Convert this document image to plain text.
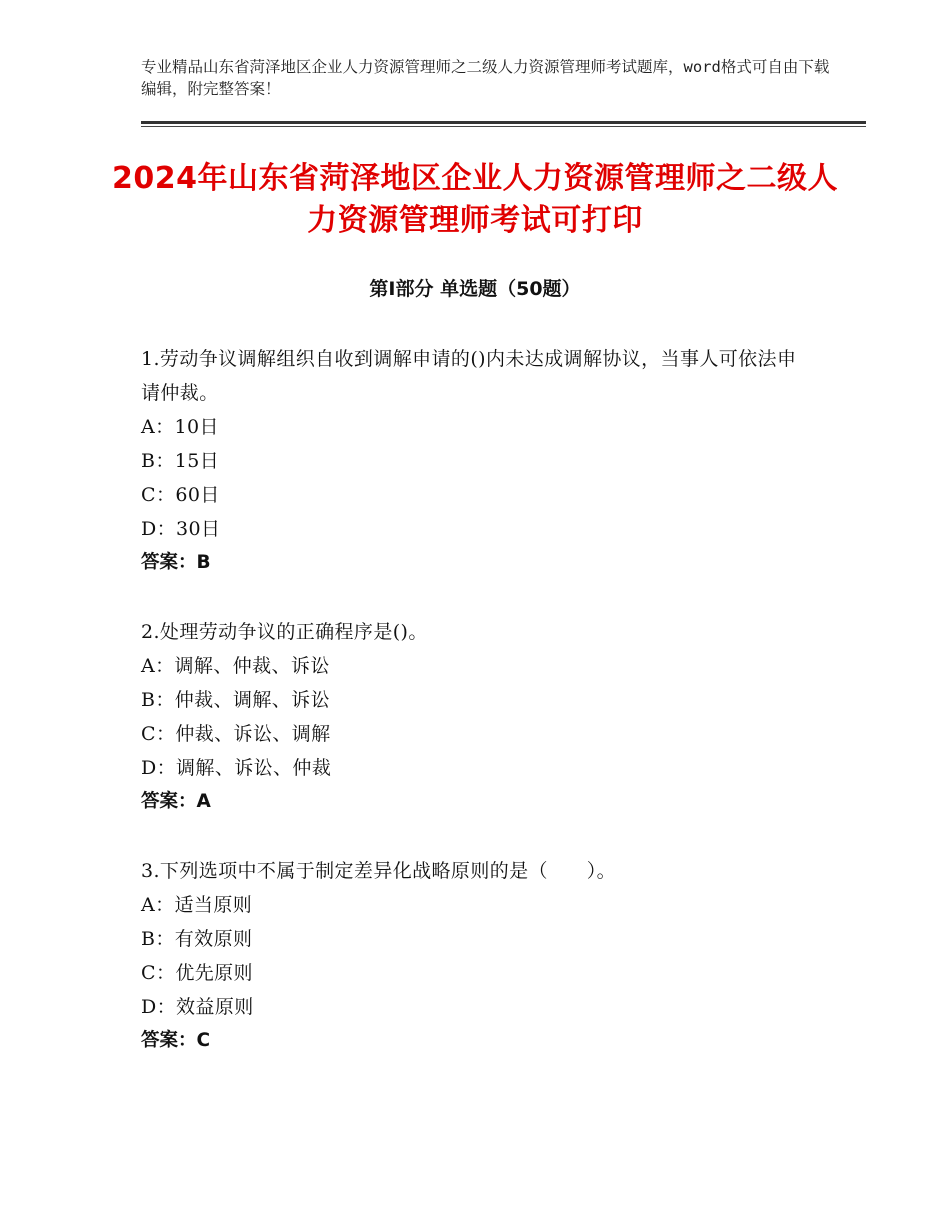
专业精品山东省菏泽地区企业人力资源管理师之二级人力资源管理师考试题库，word格式可自由下载编辑，附完整答案！
2024年山东省菏泽地区企业人力资源管理师之二级人力资源管理师考试可打印
第Ⅰ部分 单选题（50题）
1.劳动争议调解组织自收到调解申请的()内未达成调解协议，当事人可依法申请仲裁。
A：10日
B：15日
C：60日
D：30日
答案：B
2.处理劳动争议的正确程序是()。
A：调解、仲裁、诉讼
B：仲裁、调解、诉讼
C：仲裁、诉讼、调解
D：调解、诉讼、仲裁
答案：A
3.下列选项中不属于制定差异化战略原则的是（　　）。
A：适当原则
B：有效原则
C：优先原则
D：效益原则
答案：C
